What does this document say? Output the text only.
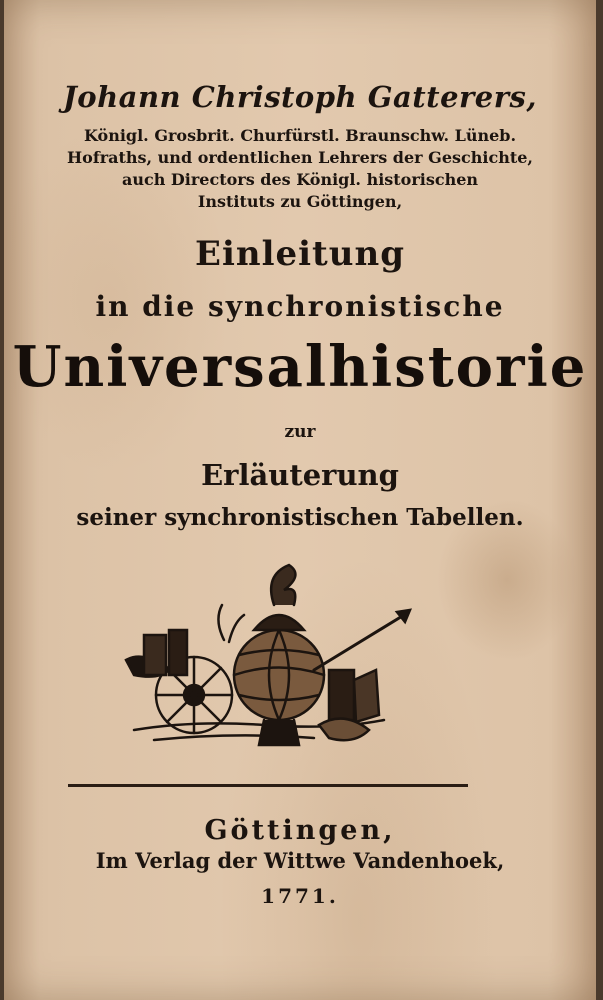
Johann Christoph Gatterers,
Königl. Grosbrit. Churfürstl. Braunschw. Lüneb.
Hofraths, und ordentlichen Lehrers der Geschichte,
auch Directors des Königl. historischen
Instituts zu Göttingen,
Einleitung
in die synchronistische
Universalhistorie
zur
Erläuterung
seiner synchronistischen Tabellen.
Göttingen,
Im Verlag der Wittwe Vandenhoek,
1771.
